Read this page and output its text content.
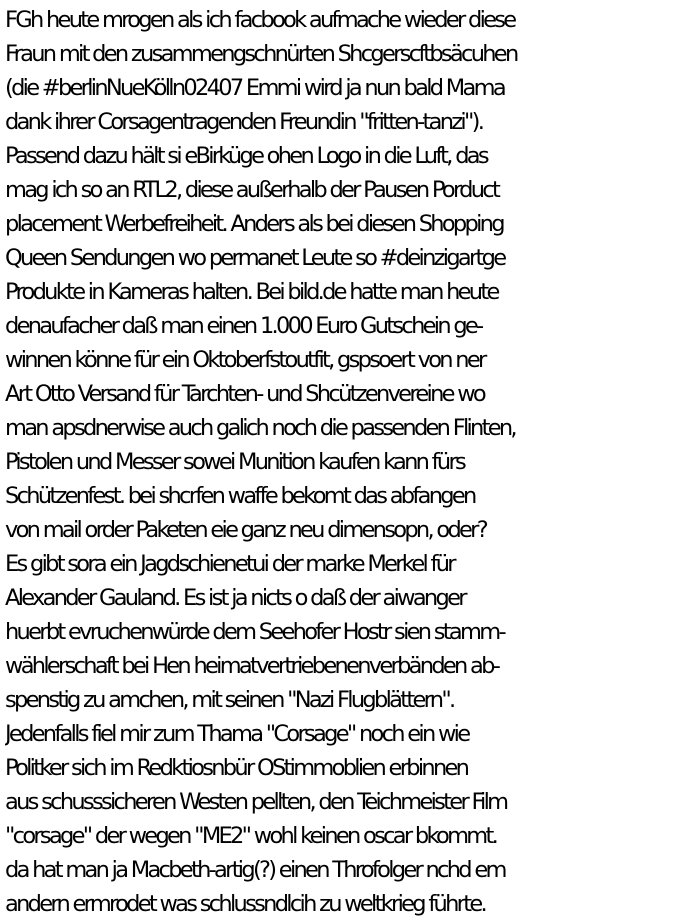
FGh heute mrogen als ich facbook aufmache wieder diese
Fraun mit den zusammengschnürten Shcgerscftbsäcuhen
(die #berlinNueKölln02407 Emmi wird ja nun bald Mama
dank ihrer Corsagentragenden Freundin "fritten-tanzi").
Passend dazu hält si eBirküge ohen Logo in die Luft, das
mag ich so an RTL2, diese außerhalb der Pausen Porduct
placement Werbefreiheit. Anders als bei diesen Shopping
Queen Sendungen wo permanet Leute so #deinzigartge
Produkte in Kameras halten. Bei bild.de hatte man heute
denaufacher daß man einen 1.000 Euro Gutschein ge-
winnen könne für ein Oktoberfstoutfit, gspsoert von ner
Art Otto Versand für Tarchten- und Shcützenvereine wo
man apsdnerwise auch galich noch die passenden Flinten,
Pistolen und Messer sowei Munition kaufen kann fürs
Schützenfest. bei shcrfen waffe bekomt das abfangen
von mail order Paketen eie ganz neu dimensopn, oder?
Es gibt sora ein Jagdschienetui der marke Merkel für
Alexander Gauland. Es ist ja nicts o daß der aiwanger
huerbt evruchenwürde dem Seehofer Hostr sien stamm-
wählerschaft bei Hen heimatvertriebenenverbänden ab-
spenstig zu amchen, mit seinen "Nazi Flugblättern".
Jedenfalls fiel mir zum Thama "Corsage" noch ein wie
Politker sich im Redktiosnbür OStimmoblien erbinnen
aus schusssicheren Westen pellten, den Teichmeister Film
"corsage" der wegen "ME2" wohl keinen oscar bkommt.
da hat man ja Macbeth-artig(?) einen Throfolger nchd em
andern ermrodet was schlussndlcih zu weltkrieg führte.
